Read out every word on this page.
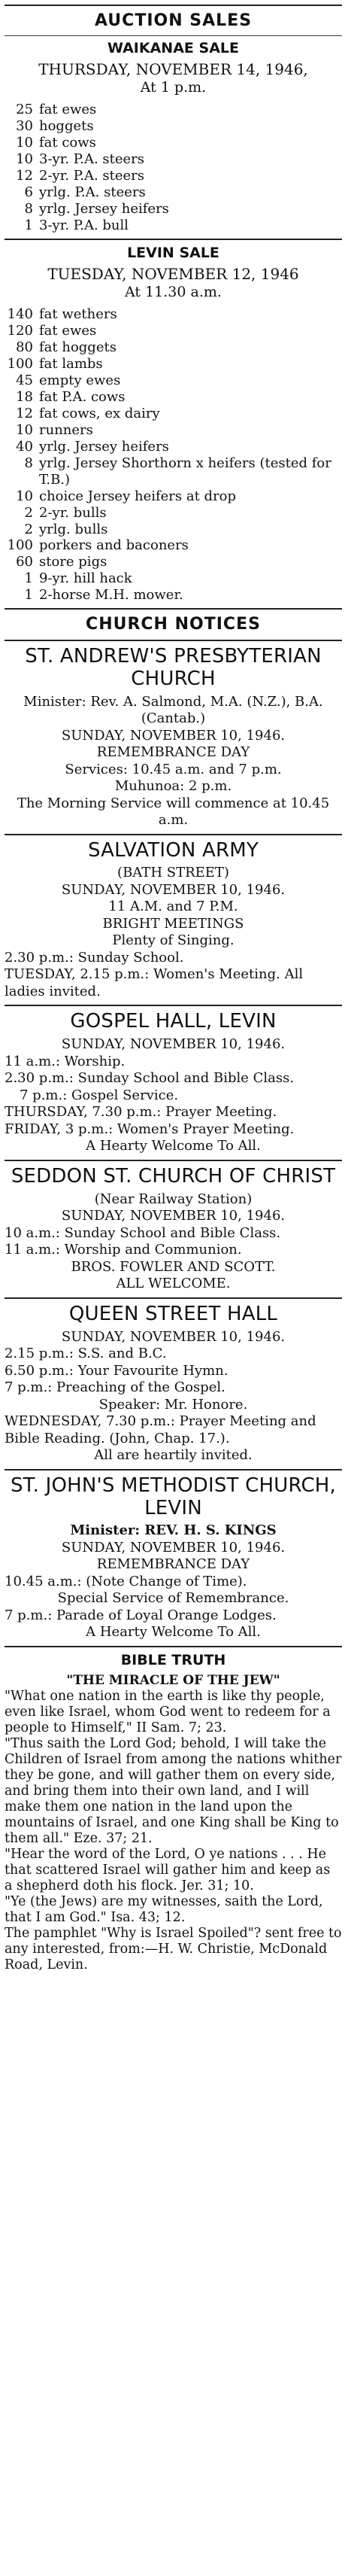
AUCTION SALES
WAIKANAE SALE
THURSDAY, NOVEMBER 14, 1946,
At 1 p.m.
25 fat ewes
30 hoggets
10 fat cows
10 3-yr. P.A. steers
12 2-yr. P.A. steers
6 yrlg. P.A. steers
8 yrlg. Jersey heifers
1 3-yr. P.A. bull
LEVIN SALE
TUESDAY, NOVEMBER 12, 1946
At 11.30 a.m.
140 fat wethers
120 fat ewes
80 fat hoggets
100 fat lambs
45 empty ewes
18 fat P.A. cows
12 fat cows, ex dairy
10 runners
40 yrlg. Jersey heifers
8 yrlg. Jersey Shorthorn x heifers (tested for T.B.)
10 choice Jersey heifers at drop
2 2-yr. bulls
2 yrlg. bulls
100 porkers and baconers
60 store pigs
1 9-yr. hill hack
1 2-horse M.H. mower.
CHURCH NOTICES
ST. ANDREW'S PRESBYTERIAN CHURCH
Minister: Rev. A. Salmond, M.A. (N.Z.), B.A. (Cantab.)
SUNDAY, NOVEMBER 10, 1946.
REMEMBRANCE DAY
Services: 10.45 a.m. and 7 p.m.
Muhunoa: 2 p.m.
The Morning Service will commence at 10.45 a.m.
SALVATION ARMY
(BATH STREET)
SUNDAY, NOVEMBER 10, 1946.
11 A.M. and 7 P.M.
BRIGHT MEETINGS
Plenty of Singing.
2.30 p.m.: Sunday School.
TUESDAY, 2.15 p.m.: Women's Meeting. All ladies invited.
GOSPEL HALL, LEVIN
SUNDAY, NOVEMBER 10, 1946.
11 a.m.: Worship.
2.30 p.m.: Sunday School and Bible Class.
7 p.m.: Gospel Service.
THURSDAY, 7.30 p.m.: Prayer Meeting.
FRIDAY, 3 p.m.: Women's Prayer Meeting.
A Hearty Welcome To All.
SEDDON ST. CHURCH OF CHRIST
(Near Railway Station)
SUNDAY, NOVEMBER 10, 1946.
10 a.m.: Sunday School and Bible Class.
11 a.m.: Worship and Communion.
BROS. FOWLER AND SCOTT.
ALL WELCOME.
QUEEN STREET HALL
SUNDAY, NOVEMBER 10, 1946.
2.15 p.m.: S.S. and B.C.
6.50 p.m.: Your Favourite Hymn.
7 p.m.: Preaching of the Gospel.
Speaker: Mr. Honore.
WEDNESDAY, 7.30 p.m.: Prayer Meeting and Bible Reading. (John, Chap. 17.).
All are heartily invited.
ST. JOHN'S METHODIST CHURCH, LEVIN
Minister: REV. H. S. KINGS
SUNDAY, NOVEMBER 10, 1946.
REMEMBRANCE DAY
10.45 a.m.: (Note Change of Time).
Special Service of Remembrance.
7 p.m.: Parade of Loyal Orange Lodges.
A Hearty Welcome To All.
BIBLE TRUTH
"THE MIRACLE OF THE JEW"
"What one nation in the earth is like thy people, even like Israel, whom God went to redeem for a people to Himself," II Sam. 7; 23.
"Thus saith the Lord God; behold, I will take the Children of Israel from among the nations whither they be gone, and will gather them on every side, and bring them into their own land, and I will make them one nation in the land upon the mountains of Israel, and one King shall be King to them all." Eze. 37; 21.
"Hear the word of the Lord, O ye nations . . . He that scattered Israel will gather him and keep as a shepherd doth his flock. Jer. 31; 10.
"Ye (the Jews) are my witnesses, saith the Lord, that I am God." Isa. 43; 12.
The pamphlet "Why is Israel Spoiled"? sent free to any interested, from:—H. W. Christie, McDonald Road, Levin.
